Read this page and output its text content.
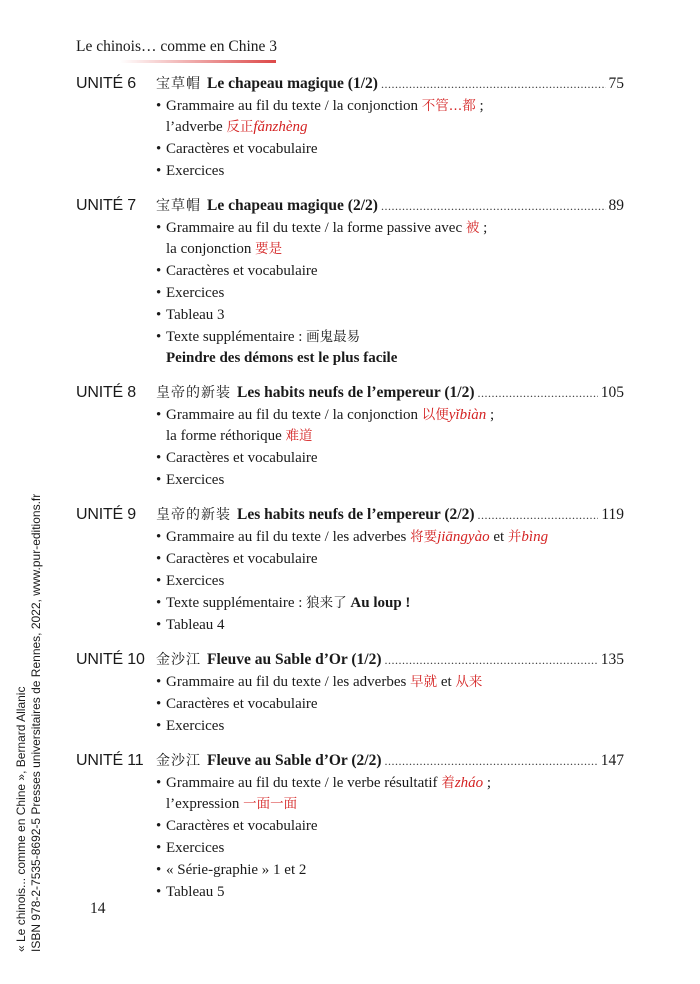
Le chinois… comme en Chine 3
UNITÉ 6	宝草帽 Le chapeau magique (1/2) .....	75
• Grammaire au fil du texte / la conjonction 不管…都 ;
l’adverbe 反正fǎnzhèng
• Caractères et vocabulaire
• Exercices
UNITÉ 7	宝草帽 Le chapeau magique (2/2) .....	89
• Grammaire au fil du texte / la forme passive avec 被 ;
la conjonction 要是
• Caractères et vocabulaire
• Exercices
• Tableau 3
• Texte supplémentaire : 画鬼最易
Peindre des démons est le plus facile
UNITÉ 8	皇帝的新装 Les habits neufs de l’empereur (1/2) .....	105
• Grammaire au fil du texte / la conjonction 以便yǐbiàn ;
la forme réthorique 难道
• Caractères et vocabulaire
• Exercices
UNITÉ 9	皇帝的新装 Les habits neufs de l’empereur (2/2) .....	119
• Grammaire au fil du texte / les adverbes 将要jiāngyào et 并bìng
• Caractères et vocabulaire
• Exercices
• Texte supplémentaire : 狼来了 Au loup !
• Tableau 4
UNITÉ 10 金沙江 Fleuve au Sable d’Or (1/2) .....	135
• Grammaire au fil du texte / les adverbes 早就 et 从来
• Caractères et vocabulaire
• Exercices
UNITÉ 11 金沙江 Fleuve au Sable d’Or (2/2) .....	147
• Grammaire au fil du texte / le verbe résultatif 着zháo ;
l’expression 一面一面
• Caractères et vocabulaire
• Exercices
• « Série-graphie » 1 et 2
• Tableau 5
14
« Le chinois... comme en Chine », Bernard Allanic ISBN 978-2-7535-8692-5 Presses universitaires de Rennes, 2022, www.pur-editions.fr
